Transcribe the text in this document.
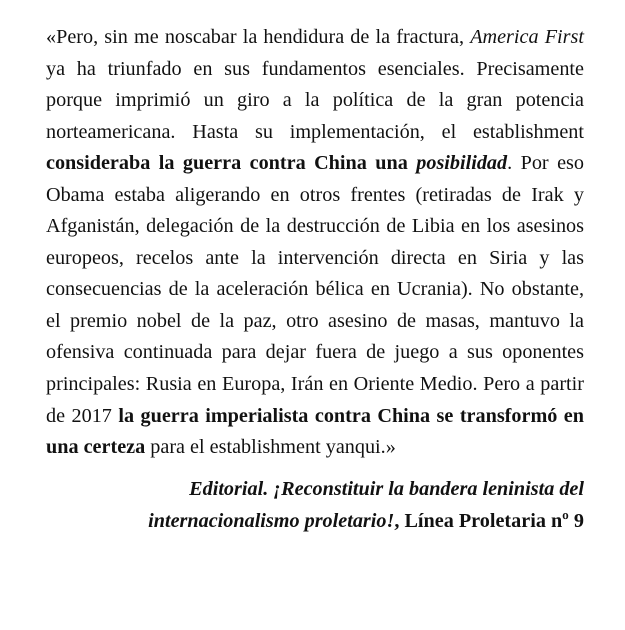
«Pero, sin me noscabar la hendidura de la fractura, America First ya ha triunfado en sus fundamentos esenciales. Precisamente porque imprimió un giro a la política de la gran potencia norteamericana. Hasta su implementación, el establishment consideraba la guerra contra China una posibilidad. Por eso Obama estaba aligerando en otros frentes (retiradas de Irak y Afganistán, delegación de la destrucción de Libia en los asesinos europeos, recelos ante la intervención directa en Siria y las consecuencias de la aceleración bélica en Ucrania). No obstante, el premio nobel de la paz, otro asesino de masas, mantuvo la ofensiva continuada para dejar fuera de juego a sus oponentes principales: Rusia en Europa, Irán en Oriente Medio. Pero a partir de 2017 la guerra imperialista contra China se transformó en una certeza para el establishment yanqui.»

Editorial. ¡Reconstituir la bandera leninista del internacionalismo proletario!, Línea Proletaria nº 9
